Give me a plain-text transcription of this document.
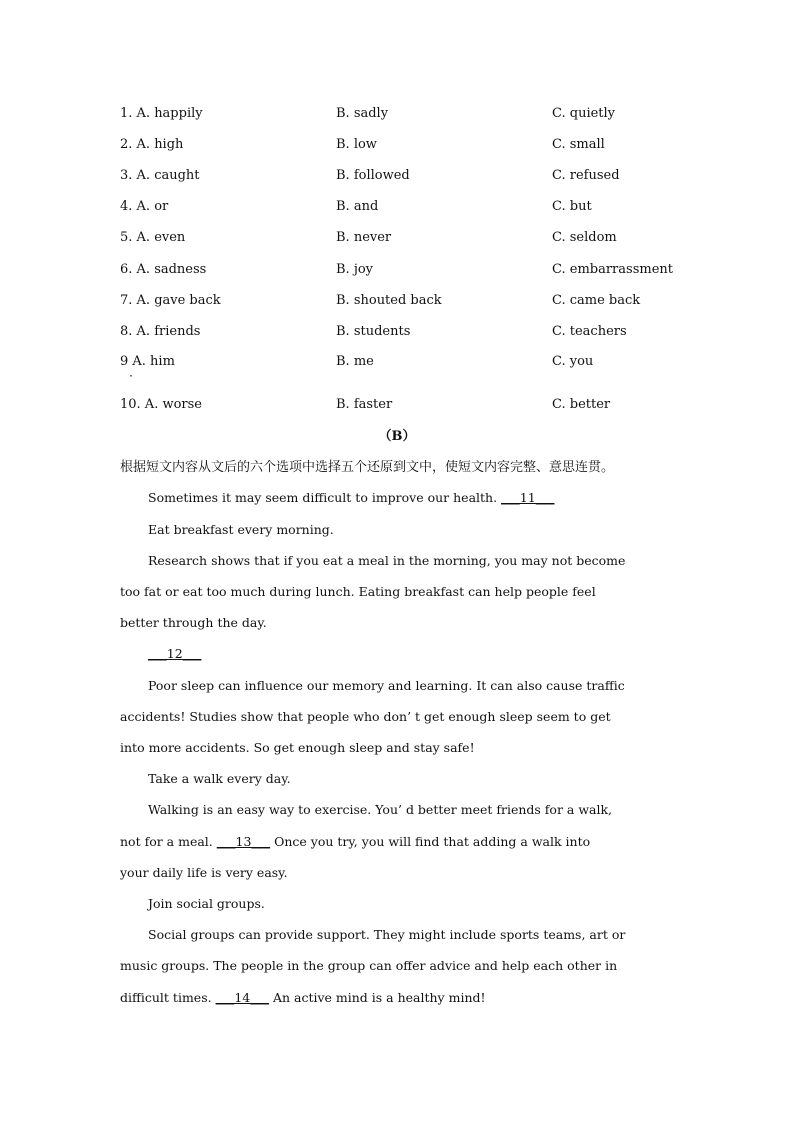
1. A. happily	B. sadly	C. quietly
2. A. high	B. low	C. small
3. A. caught	B. followed	C. refused
4. A. or	B. and	C. but
5. A. even	B. never	C. seldom
6. A. sadness	B. joy	C. embarrassment
7. A. gave back	B. shouted back	C. came back
8. A. friends	B. students	C. teachers
9 A. him	B. me	C. you
·
10. A. worse	B. faster	C. better
（B）
根据短文内容从文后的六个选项中选择五个还原到文中，使短文内容完整、意思连贯。
Sometimes it may seem difficult to improve our health. ___11___
Eat breakfast every morning.
Research shows that if you eat a meal in the morning, you may not become
too fat or eat too much during lunch. Eating breakfast can help people feel
better through the day.
___12___
Poor sleep can influence our memory and learning. It can also cause traffic
accidents! Studies show that people who don’ t get enough sleep seem to get
into more accidents. So get enough sleep and stay safe!
Take a walk every day.
Walking is an easy way to exercise. You’ d better meet friends for a walk,
not for a meal. ___13___ Once you try, you will find that adding a walk into
your daily life is very easy.
Join social groups.
Social groups can provide support. They might include sports teams, art or
music groups. The people in the group can offer advice and help each other in
difficult times. ___14___ An active mind is a healthy mind!
